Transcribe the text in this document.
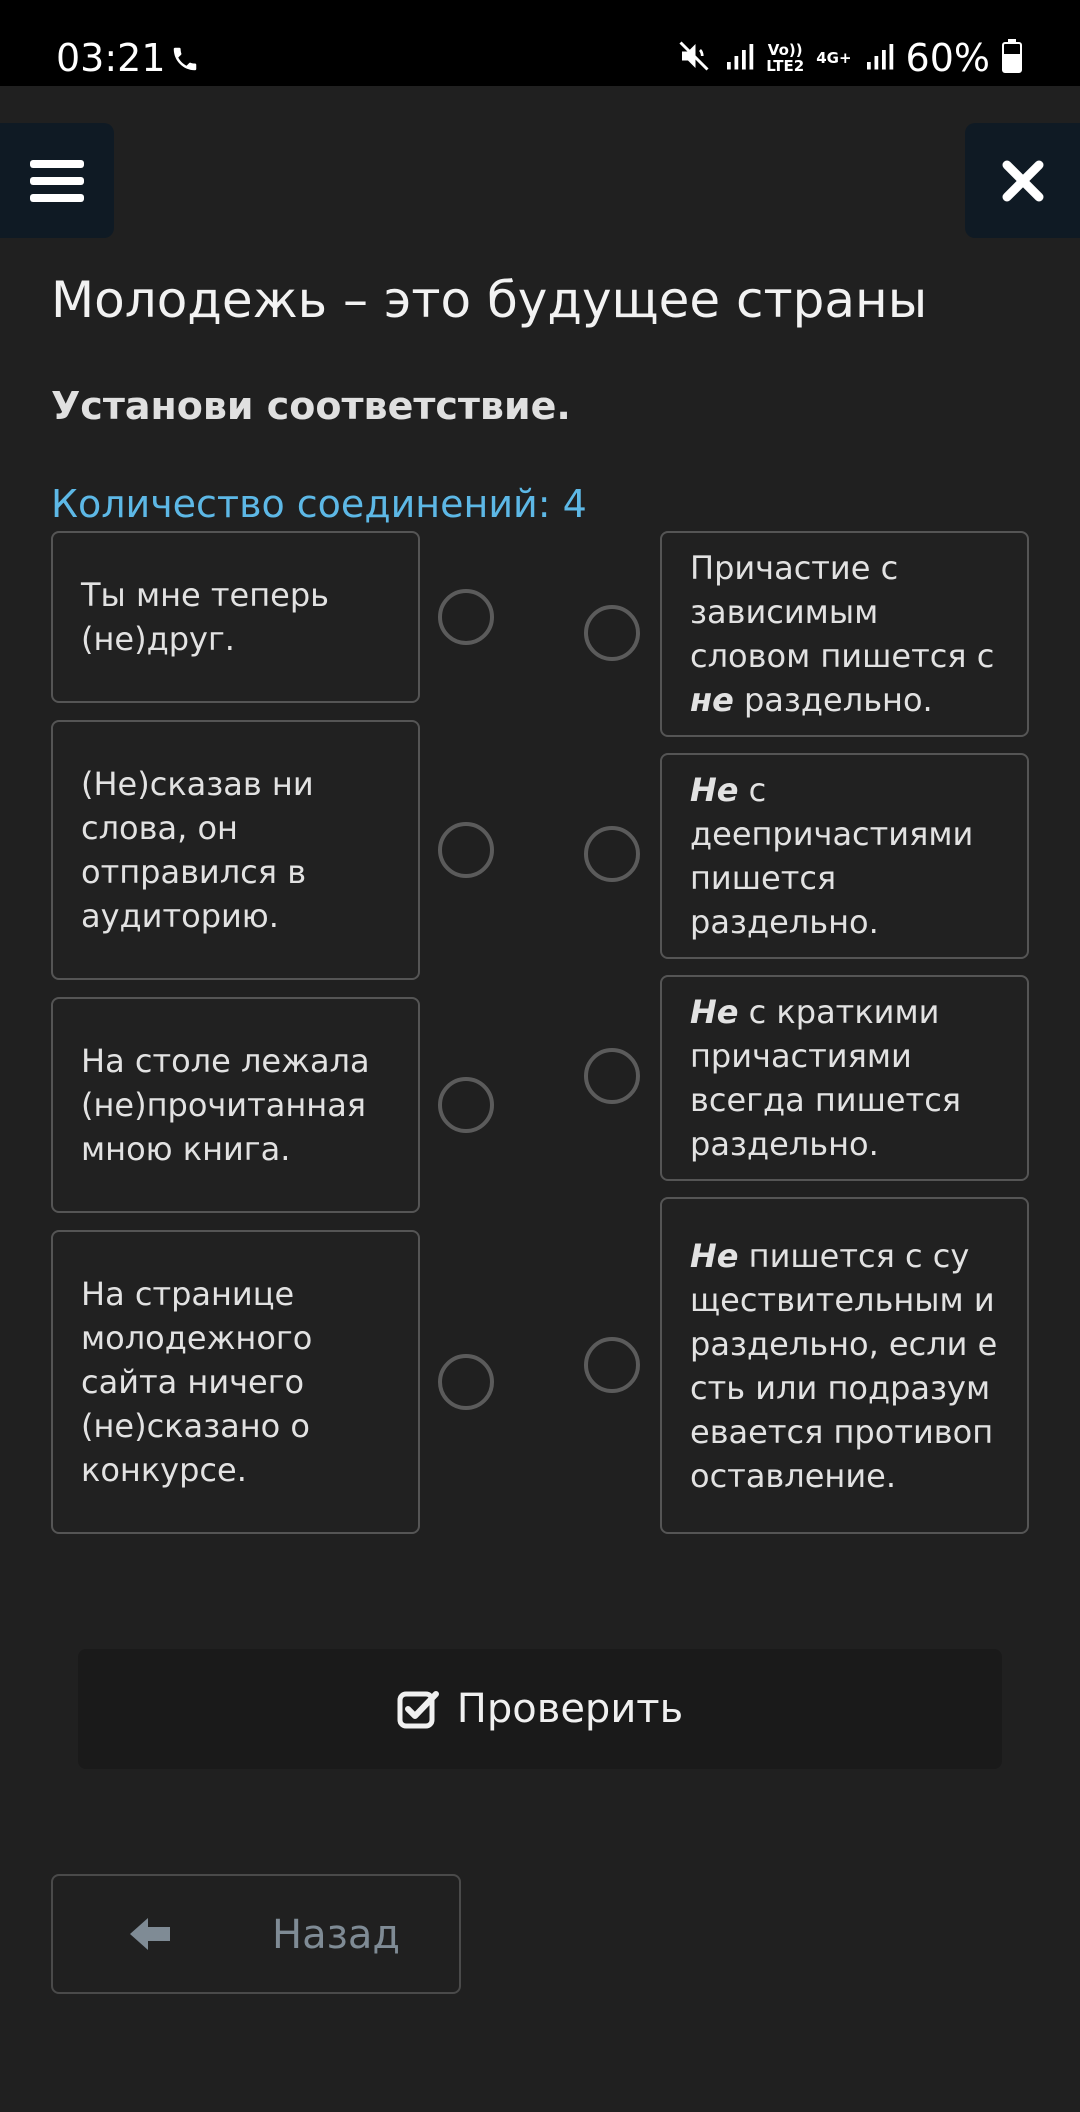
03:21	Vo))
LTE2 4G+ 60%
Молодежь – это будущее страны
Установи соответствие.
Количество соединений: 4
Ты мне теперь (не)друг.
(Не)сказав ни слова, он отправился в аудиторию.
На столе лежала (не)прочитанная мною книга.
На странице молодежного сайта ничего (не)сказано о конкурсе.
Причастие с зависимым словом пишется с не раздельно.
Не с деепричастиями пишется раздельно.
Не с краткими причастиями всегда пишется раздельно.
Не пишется с существительным и раздельно, если есть или подразумевается противопоставление.
Проверить
Назад
